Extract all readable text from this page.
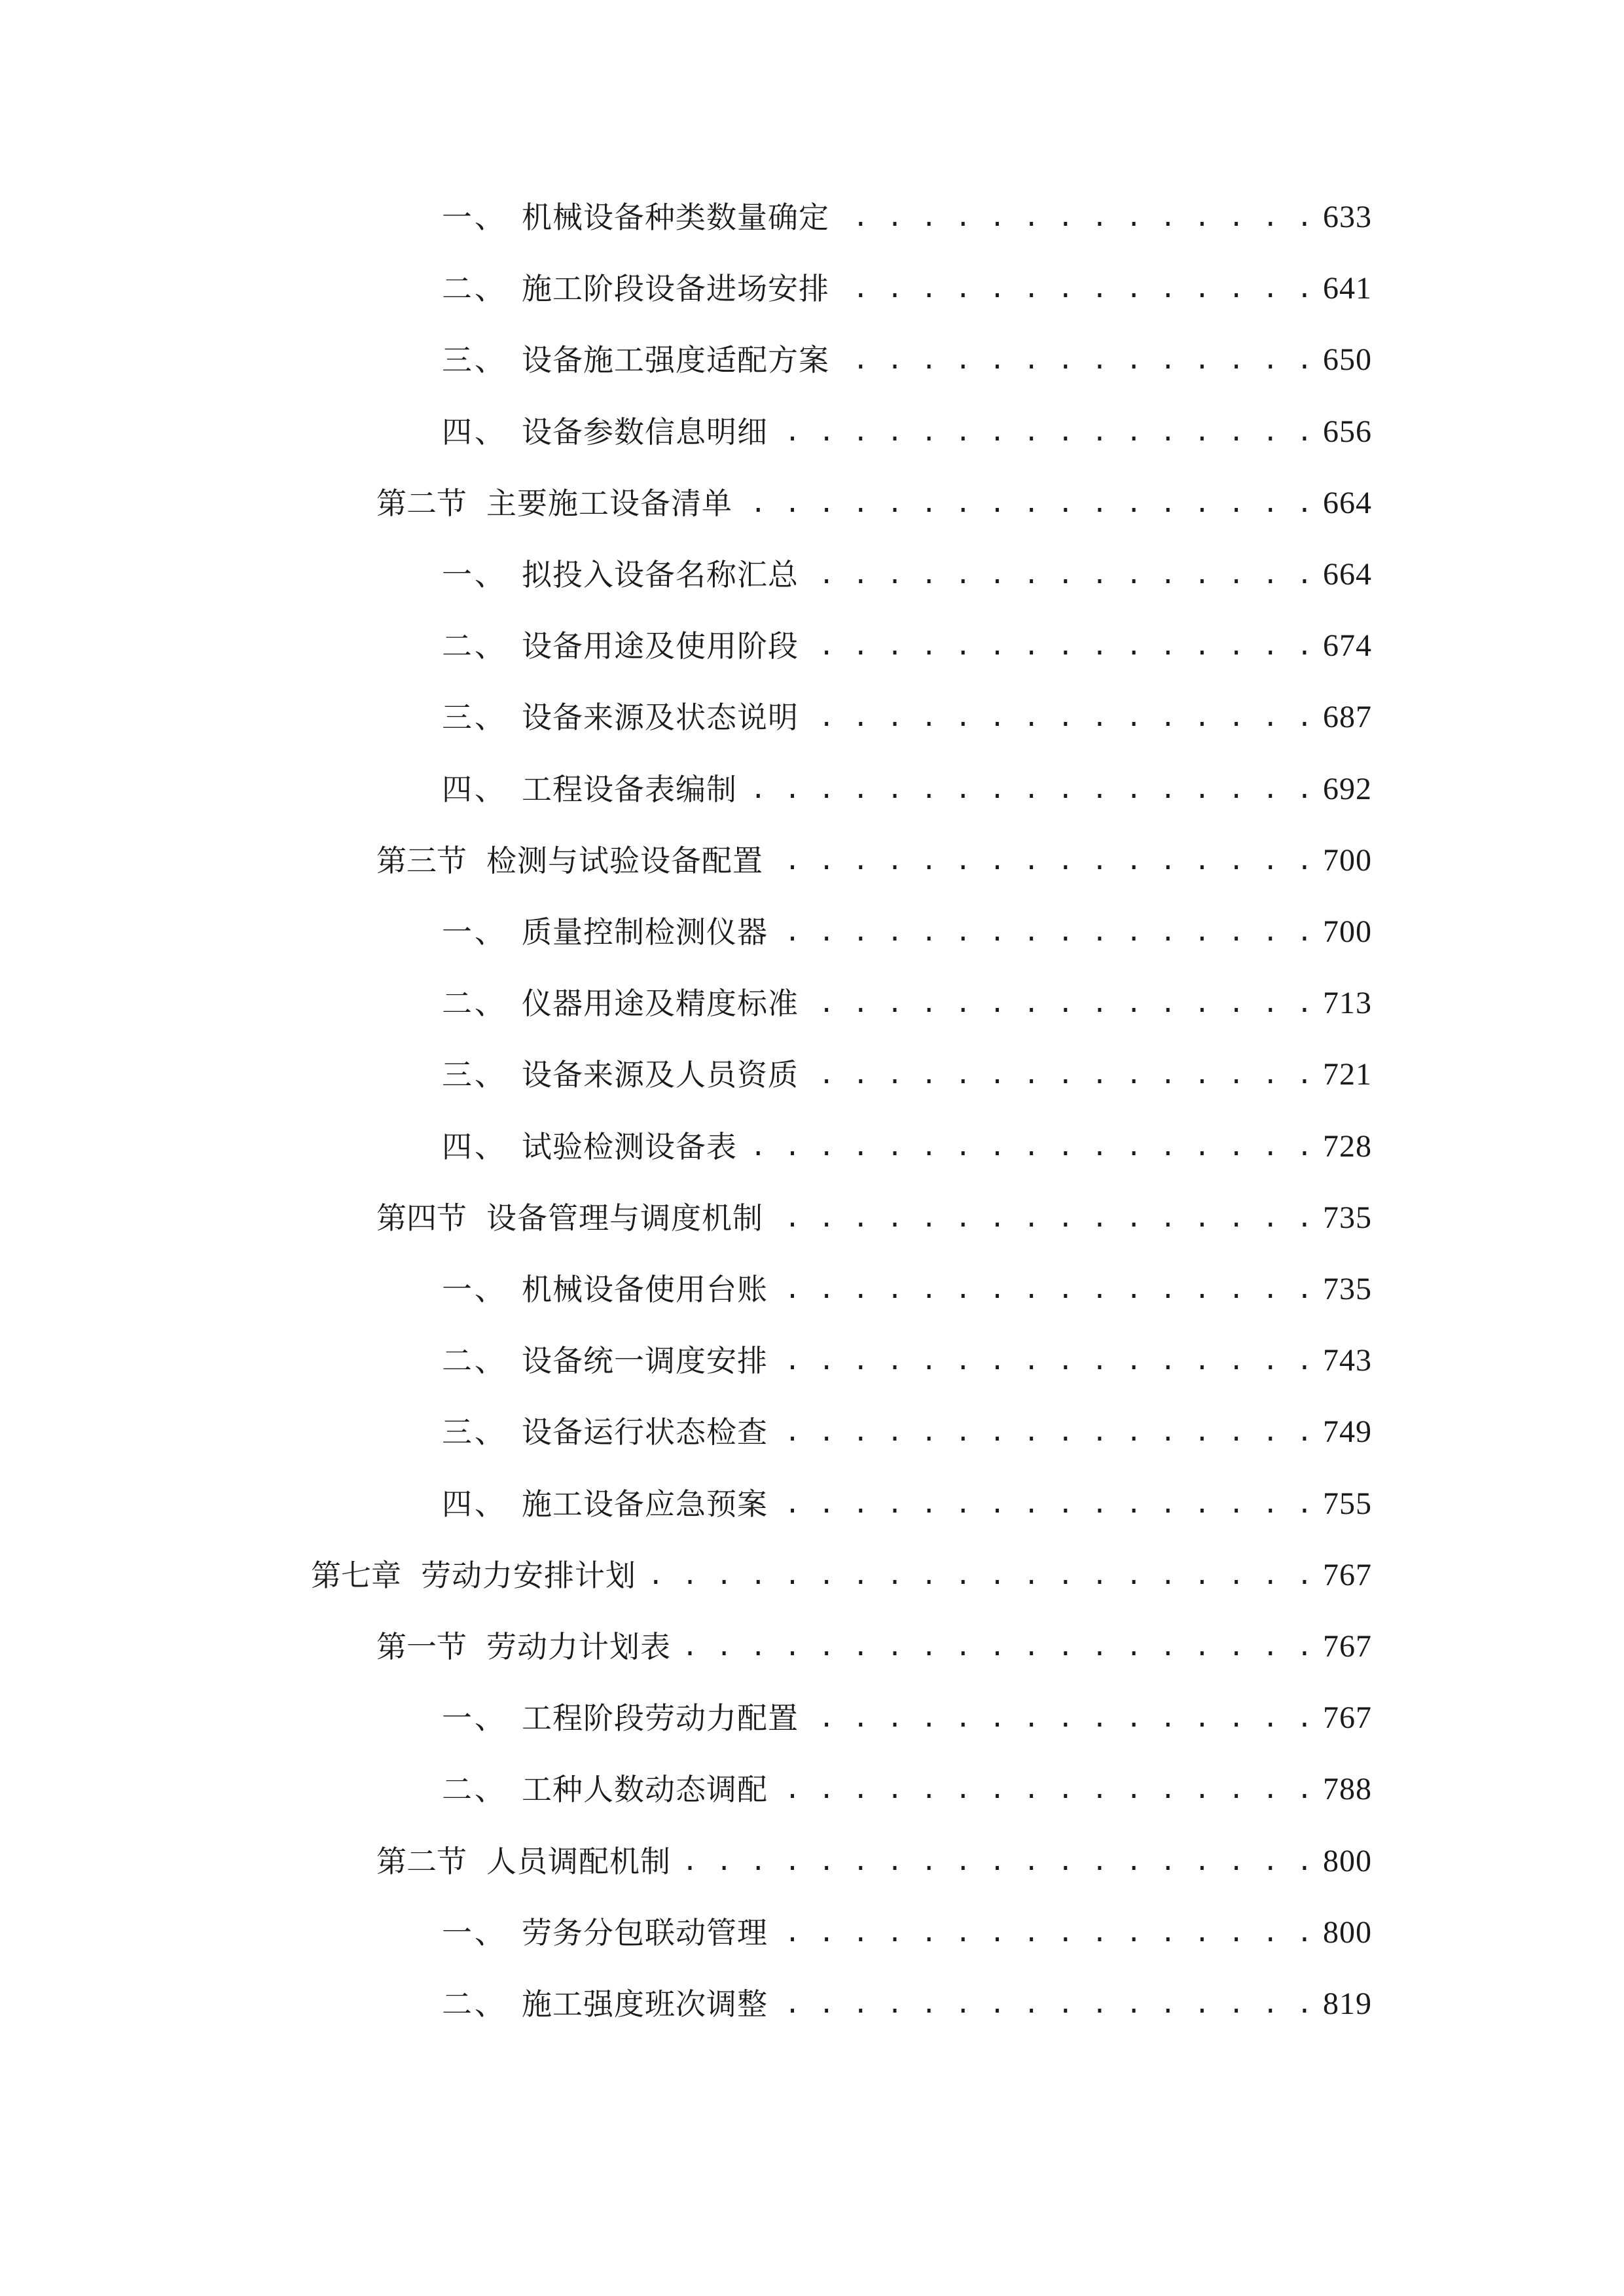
一、 机械设备种类数量确定 . . .	633
二、 施工阶段设备进场安排 . . .	641
三、 设备施工强度适配方案 . . .	650
四、 设备参数信息明细 . . .	656
第二节 主要施工设备清单 . . .	664
一、 拟投入设备名称汇总 . . .	664
二、 设备用途及使用阶段 . . .	674
三、 设备来源及状态说明 . . .	687
四、 工程设备表编制 . . .	692
第三节 检测与试验设备配置 . . .	700
一、 质量控制检测仪器 . . .	700
二、 仪器用途及精度标准 . . .	713
三、 设备来源及人员资质 . . .	721
四、 试验检测设备表 . . .	728
第四节 设备管理与调度机制 . . .	735
一、 机械设备使用台账 . . .	735
二、 设备统一调度安排 . . .	743
三、 设备运行状态检查 . . .	749
四、 施工设备应急预案 . . .	755
第七章 劳动力安排计划 . . .	767
第一节 劳动力计划表 . . .	767
一、 工程阶段劳动力配置 . . .	767
二、 工种人数动态调配 . . .	788
第二节 人员调配机制 . . .	800
一、 劳务分包联动管理 . . .	800
二、 施工强度班次调整 . . .	819
